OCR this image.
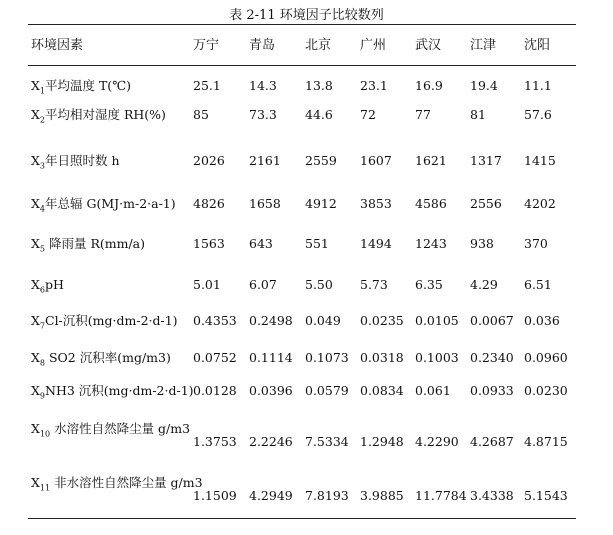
表 2-11 环境因子比较数列
环境因素	万宁 青岛 北京 广州 武汉 江津 沈阳
$X_1$平均温度 T(℃)	25.1 14.3 13.8 23.1 16.9 19.4 11.1
$X_2$平均相对湿度 RH(%) 85	73.3 44.6 72	77	81	57.6
$X_3$年日照时数 h	2026 2161 2559 1607 1621 1317 1415
$X_4$年总辐 G(MJ·m-2·a-1) 4826 1658 4912 3853 4586 2556 4202
$X_5$ 降雨量 R(mm/a)	1563 643	551 1494 1243 938 370
$X_6pH$	5.01 6.07 5.50 5.73 6.35 4.29 6.51
$X_7Cl-$沉积(mg·dm-2·d-1) 0.4353 0.2498 0.049 0.0235 0.0105 0.0067 0.036
$X_8$ SO2 沉积率(mg/m3) 0.0752 0.1114 0.1073 0.0318 0.1003 0.2340 0.0960
$X_9NH3$ 沉积(mg·dm-2·d-1) 0.0128 0.0396 0.0579 0.0834 0.061 0.0933 0.0230
$X_{10}$ 水溶性自然降尘量 g/m3
1.3753 2.2246 7.5334 1.2948 4.2290 4.2687 4.8715
$X_{11}$ 非水溶性自然降尘量 g/m3
1.1509 4.2949 7.8193 3.9885 11.7784 3.4338 5.1543
